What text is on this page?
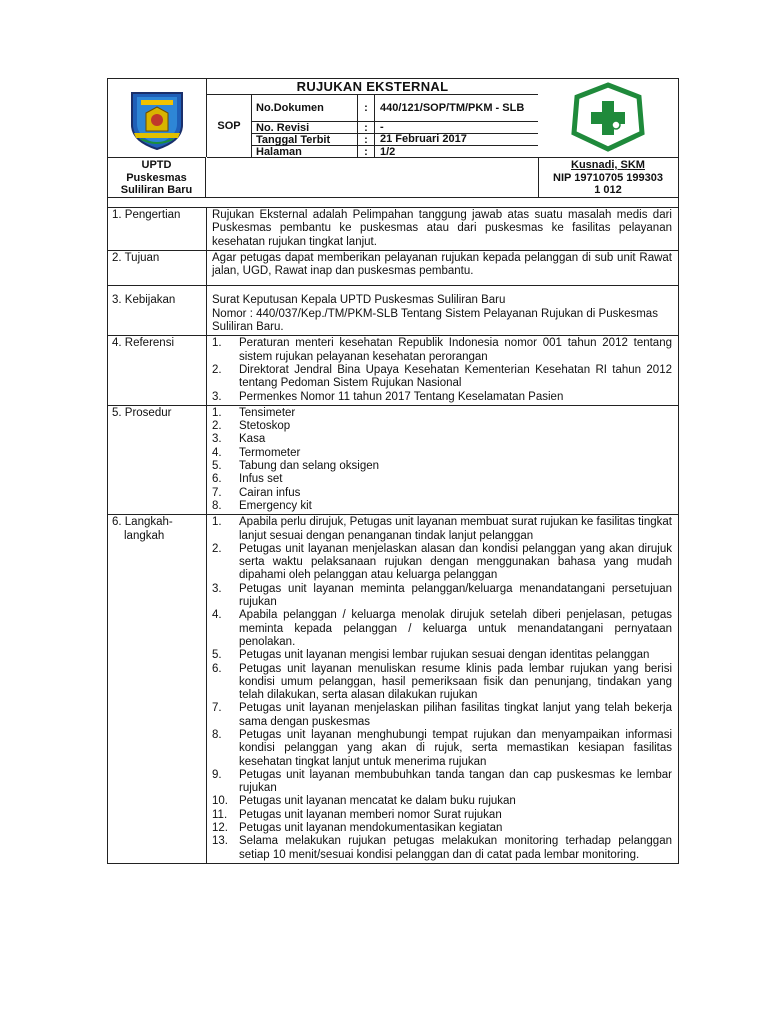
UPTD
Puskesmas
Suliliran Baru
RUJUKAN EKSTERNAL
SOP
No.Dokumen	:	440/121/SOP/TM/PKM - SLB
No. Revisi	:	-
Tanggal Terbit	:	21 Februari 2017
Halaman	:	1/2
Kusnadi, SKM
NIP 19710705 199303
1 012
1. Pengertian	Rujukan Eksternal adalah Pelimpahan tanggung jawab atas suatu masalah medis dari Puskesmas pembantu ke puskesmas atau dari puskesmas ke fasilitas pelayanan kesehatan rujukan tingkat lanjut.
2. Tujuan	Agar petugas dapat memberikan pelayanan rujukan kepada pelanggan di sub unit Rawat jalan, UGD, Rawat inap dan puskesmas pembantu.
3. Kebijakan	Surat Keputusan Kepala UPTD Puskesmas Suliliran Baru
Nomor : 440/037/Kep./TM/PKM-SLB Tentang Sistem Pelayanan Rujukan di Puskesmas Suliliran Baru.
4. Referensi	1.	Peraturan menteri kesehatan Republik Indonesia nomor 001 tahun 2012 tentang sistem rujukan pelayanan kesehatan perorangan
2.	Direktorat Jendral Bina Upaya Kesehatan Kementerian Kesehatan RI tahun 2012 tentang Pedoman Sistem Rujukan Nasional
3.	Permenkes Nomor 11 tahun 2017 Tentang Keselamatan Pasien
5. Prosedur	1.	Tensimeter
2.	Stetoskop
3.	Kasa
4.	Termometer
5.	Tabung dan selang oksigen
6.	Infus set
7.	Cairan infus
8.	Emergency kit
6. Langkah-
langkah
1.	Apabila perlu dirujuk, Petugas unit layanan membuat surat rujukan ke fasilitas tingkat lanjut sesuai dengan penanganan tindak lanjut pelanggan
2.	Petugas unit layanan menjelaskan alasan dan kondisi pelanggan yang akan dirujuk serta waktu pelaksanaan rujukan dengan menggunakan bahasa yang mudah dipahami oleh pelanggan atau keluarga pelanggan
3.	Petugas unit layanan meminta pelanggan/keluarga menandatangani persetujuan rujukan
4.	Apabila pelanggan / keluarga menolak dirujuk setelah diberi penjelasan, petugas meminta kepada pelanggan / keluarga untuk menandatangani pernyataan penolakan.
5.	Petugas unit layanan mengisi lembar rujukan sesuai dengan identitas pelanggan
6.	Petugas unit layanan menuliskan resume klinis pada lembar rujukan yang berisi kondisi umum pelanggan, hasil pemeriksaan fisik dan penunjang, tindakan yang telah dilakukan, serta alasan dilakukan rujukan
7.	Petugas unit layanan menjelaskan pilihan fasilitas tingkat lanjut yang telah bekerja sama dengan puskesmas
8.	Petugas unit layanan menghubungi tempat rujukan dan menyampaikan informasi kondisi pelanggan yang akan di rujuk, serta memastikan kesiapan fasilitas kesehatan tingkat lanjut untuk menerima rujukan
9.	Petugas unit layanan membubuhkan tanda tangan dan cap puskesmas ke lembar rujukan
10. Petugas unit layanan mencatat ke dalam buku rujukan
11.	Petugas unit layanan memberi nomor Surat rujukan
12. Petugas unit layanan mendokumentasikan kegiatan
13. Selama melakukan rujukan petugas melakukan monitoring terhadap pelanggan setiap 10 menit/sesuai kondisi pelanggan dan di catat pada lembar monitoring.
